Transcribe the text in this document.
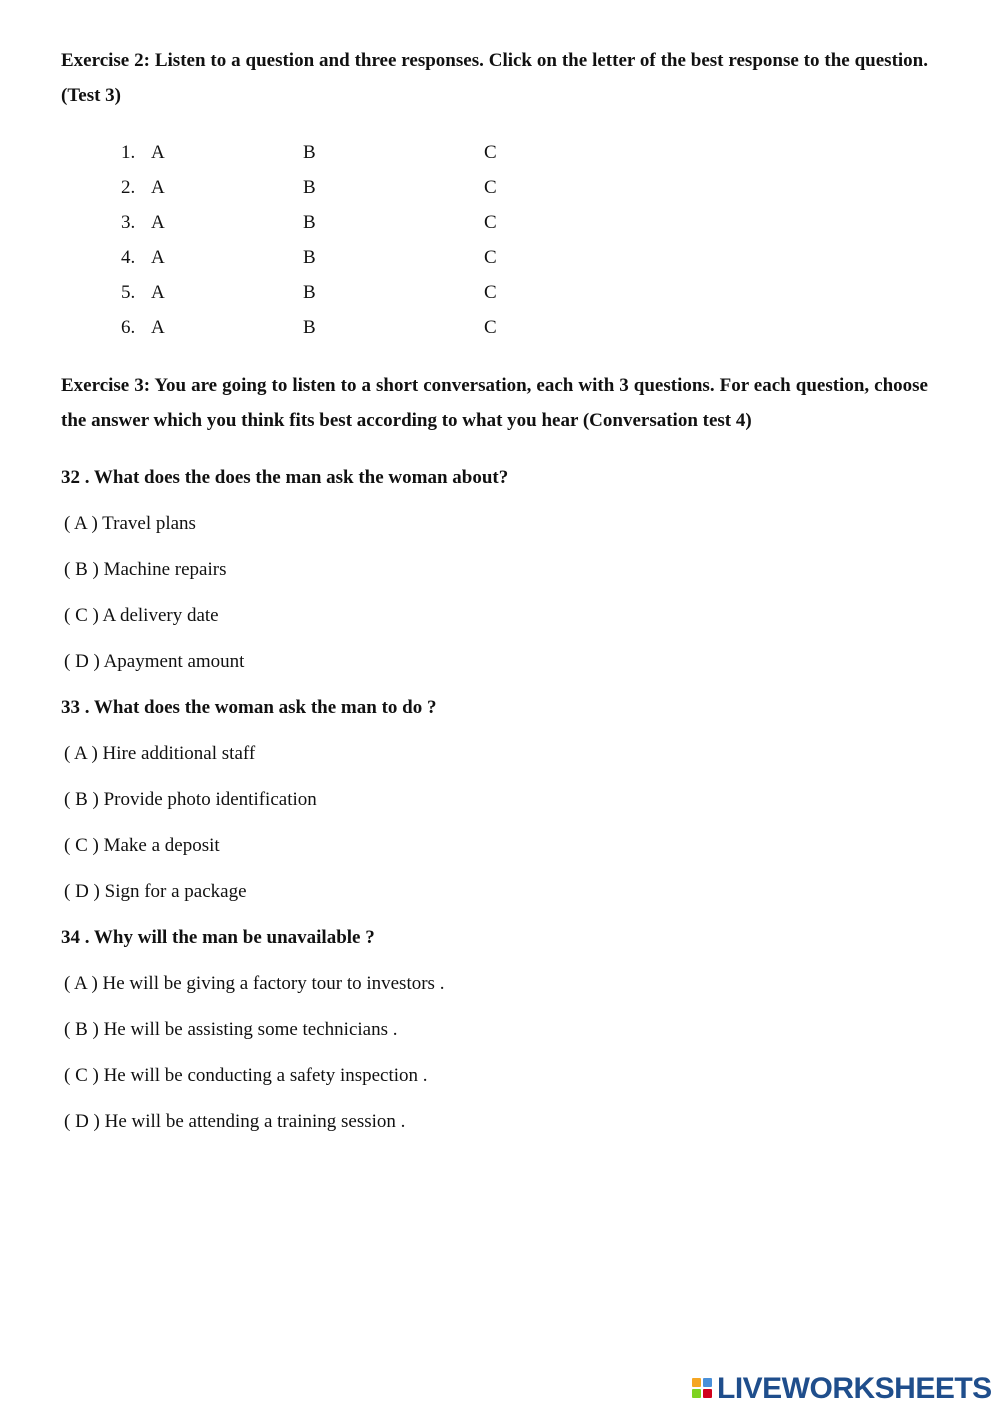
Exercise 2: Listen to a question and three responses. Click on the letter of the best response to the question. (Test 3)

1. A	B	C
2. A	B	C
3. A	B	C
4. A	B	C
5. A	B	C
6. A	B	C

Exercise 3: You are going to listen to a short conversation, each with 3 questions. For each question, choose the answer which you think fits best according to what you hear (Conversation test 4)

32 . What does the does the man ask the woman about?

( A ) Travel plans
( B ) Machine repairs
( C ) A delivery date
( D ) Apayment amount

33 . What does the woman ask the man to do ?

( A ) Hire additional staff
( B ) Provide photo identification
( C ) Make a deposit
( D ) Sign for a package

34 . Why will the man be unavailable ?

( A ) He will be giving a factory tour to investors .
( B ) He will be assisting some technicians .
( C ) He will be conducting a safety inspection .
( D ) He will be attending a training session .
LIVEWORKSHEETS
